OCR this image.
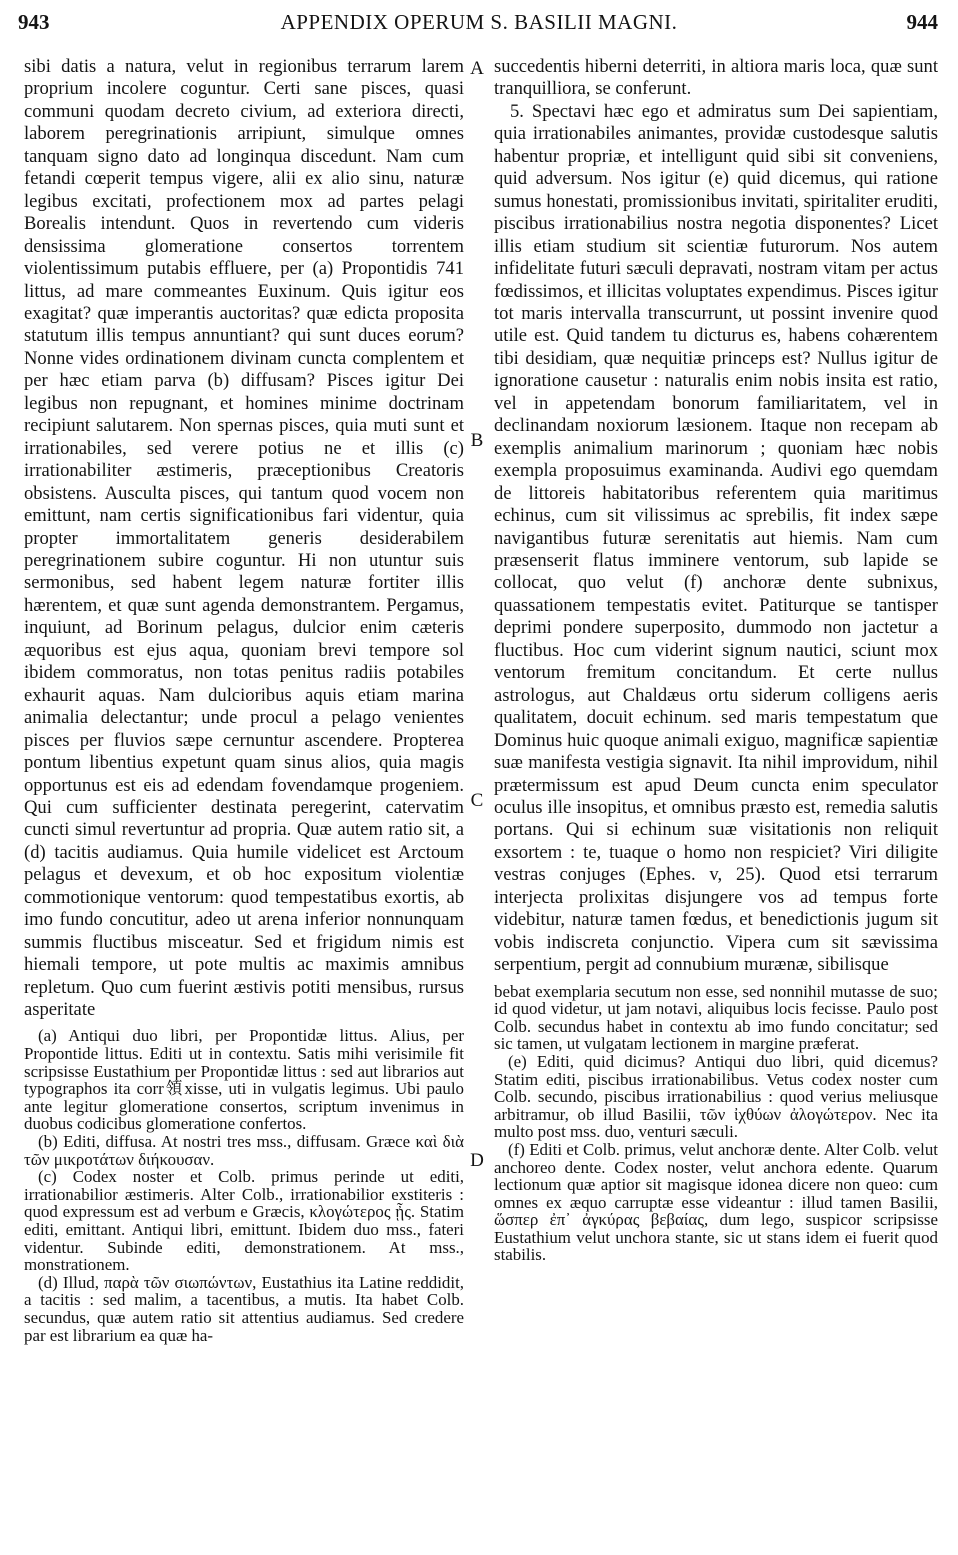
943	APPENDIX OPERUM S. BASILII MAGNI.	944
A
B
C
D

sibi datis a natura, velut in regionibus terrarum larem proprium incolere coguntur. Certi sane pisces, quasi communi quodam decreto civium, ad exteriora directi, laborem peregrinationis arripiunt, simulque omnes tanquam signo dato ad longinqua discedunt. Nam cum fetandi cœperit tempus vigere, alii ex alio sinu, naturæ legibus excitati, profectionem mox ad partes pelagi Borealis intendunt. Quos in revertendo cum videris densissima glomeratione consertos torrentem violentissimum putabis effluere, per (a) Propontidis 741 littus, ad mare commeantes Euxinum. Quis igitur eos exagitat? quæ imperantis auctoritas? quæ edicta proposita statutum illis tempus annuntiant? qui sunt duces eorum? Nonne vides ordinationem divinam cuncta complentem et per hæc etiam parva (b) diffusam? Pisces igitur Dei legibus non repugnant, et homines minime doctrinam recipiunt salutarem. Non spernas pisces, quia muti sunt et irrationabiles, sed verere potius ne et illis (c) irrationabiliter æstimeris, præceptionibus Creatoris obsistens. Ausculta pisces, qui tantum quod vocem non emittunt, nam certis significationibus fari videntur, quia propter immortalitatem generis desiderabilem peregrinationem subire coguntur. Hi non utuntur suis sermonibus, sed habent legem naturæ fortiter illis hærentem, et quæ sunt agenda demonstrantem. Pergamus, inquiunt, ad Borinum pelagus, dulcior enim cæteris æquoribus est ejus aqua, quoniam brevi tempore sol ibidem commoratus, non totas penitus radiis potabiles exhaurit aquas. Nam dulcioribus aquis etiam marina animalia delectantur; unde procul a pelago venientes pisces per fluvios sæpe cernuntur ascendere. Propterea pontum libentius expetunt quam sinus alios, quia magis opportunus est eis ad edendam fovendamque progeniem. Qui cum sufficienter destinata peregerint, catervatim cuncti simul revertuntur ad propria. Quæ autem ratio sit, a (d) tacitis audiamus. Quia humile videlicet est Arctoum pelagus et devexum, et ob hoc expositum violentiæ commotionique ventorum: quod tempestatibus exortis, ab imo fundo concutitur, adeo ut arena inferior nonnunquam summis fluctibus misceatur. Sed et frigidum nimis est hiemali tempore, ut pote multis ac maximis amnibus repletum. Quo cum fuerint æstivis potiti mensibus, rursus asperitate

(a) Antiqui duo libri, per Propontidæ littus. Alius, per Propontide littus. Editi ut in contextu. Satis mihi verisimile fit scripsisse Eustathium per Propontidæ littus : sed aut librarios aut typographos ita corr領xisse, uti in vulgatis legimus. Ubi paulo ante legitur glomeratione consertos, scriptum invenimus in duobus codicibus glomeratione confertos.

(b) Editi, diffusa. At nostri tres mss., diffusam. Græce καὶ διὰ τῶν μικροτάτων διήκουσαν.

(c) Codex noster et Colb. primus perinde ut editi, irrationabilior æstimeris. Alter Colb., irrationabilior exstiteris : quod expressum est ad verbum e Græcis, κλογώτερος ᾖς. Statim editi, emittant. Antiqui libri, emittunt. Ibidem duo mss., fateri videntur. Subinde editi, demonstrationem. At mss., monstrationem.

(d) Illud, παρὰ τῶν σιωπώντων, Eustathius ita Latine reddidit, a tacitis : sed malim, a tacentibus, a mutis. Ita habet Colb. secundus, quæ autem ratio sit attentius audiamus. Sed credere par est librarium ea quæ ha-

succedentis hiberni deterriti, in altiora maris loca, quæ sunt tranquilliora, se conferunt.

5. Spectavi hæc ego et admiratus sum Dei sapientiam, quia irrationabiles animantes, providæ custodesque salutis habentur propriæ, et intelligunt quid sibi sit conveniens, quid adversum. Nos igitur (e) quid dicemus, qui ratione sumus honestati, promissionibus invitati, spiritaliter eruditi, piscibus irrationabilius nostra negotia disponentes? Licet illis etiam studium sit scientiæ futurorum. Nos autem infidelitate futuri sæculi depravati, nostram vitam per actus fœdissimos, et illicitas voluptates expendimus. Pisces igitur tot maris intervalla transcurrunt, ut possint invenire quod utile est. Quid tandem tu dicturus es, habens cohærentem tibi desidiam, quæ nequitiæ princeps est? Nullus igitur de ignoratione causetur : naturalis enim nobis insita est ratio, vel in appetendam bonorum familiaritatem, vel in declinandam noxiorum læsionem. Itaque non recepam ab exemplis animalium marinorum ; quoniam hæc nobis exempla proposuimus examinanda. Audivi ego quemdam de littoreis habitatoribus referentem quia maritimus echinus, cum sit vilissimus ac sprebilis, fit index sæpe navigantibus futuræ serenitatis aut hiemis. Nam cum præsenserit flatus imminere ventorum, sub lapide se collocat, quo velut (f) anchoræ dente subnixus, quassationem tempestatis evitet. Patiturque se tantisper deprimi pondere superposito, dummodo non jactetur a fluctibus. Hoc cum viderint signum nautici, sciunt mox ventorum fremitum concitandum. Et certe nullus astrologus, aut Chaldæus ortu siderum colligens aeris qualitatem, docuit echinum. sed maris tempestatum que Dominus huic quoque animali exiguo, magnificæ sapientiæ suæ manifesta vestigia signavit. Ita nihil improvidum, nihil prætermissum est apud Deum cuncta enim speculator oculus ille insopitus, et omnibus præsto est, remedia salutis portans. Qui si echinum suæ visitationis non reliquit exsortem : te, tuaque o homo non respiciet? Viri diligite vestras conjuges (Ephes. v, 25). Quod etsi terrarum interjecta prolixitas disjungere vos ad tempus forte videbitur, naturæ tamen fœdus, et benedictionis jugum sit vobis indiscreta conjunctio. Vipera cum sit sævissima serpentium, pergit ad connubium murænæ, sibilisque

bebat exemplaria secutum non esse, sed nonnihil mutasse de suo; id quod videtur, ut jam notavi, aliquibus locis fecisse. Paulo post Colb. secundus habet in contextu ab imo fundo concitatur; sed sic tamen, ut vulgatam lectionem in margine præferat.

(e) Editi, quid dicimus? Antiqui duo libri, quid dicemus? Statim editi, piscibus irrationabilibus. Vetus codex noster cum Colb. secundo, piscibus irrationabilius : quod verius meliusque arbitramur, ob illud Basilii, τῶν ἰχθύων ἀλογώτερον. Nec ita multo post mss. duo, venturi sæculi.

(f) Editi et Colb. primus, velut anchoræ dente. Alter Colb. velut anchoreo dente. Codex noster, velut anchora edente. Quarum lectionum quæ aptior sit magisque idonea dicere non queo: cum omnes ex æquo carruptæ esse videantur : illud tamen Basilii, ὥσπερ ἐπ᾽ ἀγκύρας βεβαίας, dum lego, suspicor scripsisse Eustathium velut unchora stante, sic ut stans idem ei fuerit quod stabilis.
